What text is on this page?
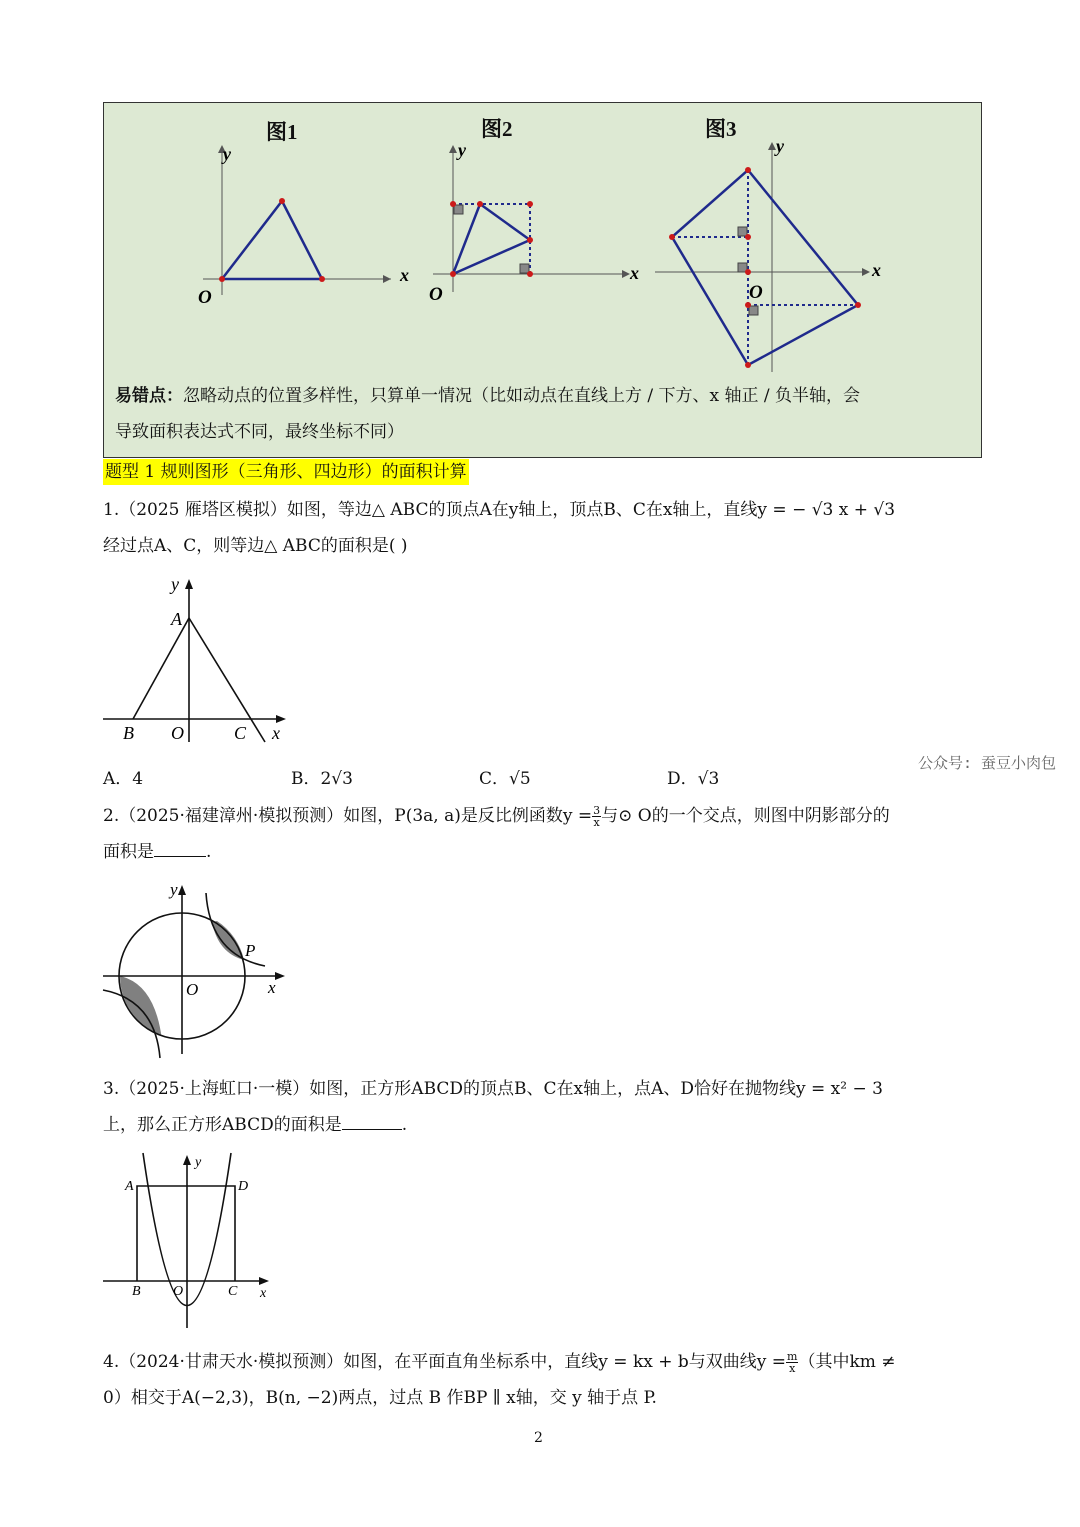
图1	图2	图3
y
x
O
y
x
O
y
x
O
易错点：忽略动点的位置多样性，只算单一情况（比如动点在直线上方 / 下方、x 轴正 / 负半轴，会
导致面积表达式不同，最终坐标不同）
题型 1 规则图形（三角形、四边形）的面积计算
1.（2025 雁塔区模拟）如图，等边△ ABC的顶点A在y轴上，顶点B、C在x轴上，直线y = − √3 x + √3
经过点A、C，则等边△ ABC的面积是( )
y
A
B O	C x
A．4	B．2√3	C．√5	D．√3
公众号: 蚕豆小肉包
2.（2025·福建漳州·模拟预测）如图，P(3a, a)是反比例函数$y = \frac{3}{x}$ 与⊙ O的一个交点，则图中阴影部分的
面积是	.
y
P
O	x
3.（2025·上海虹口·一模）如图，正方形ABCD的顶点B、C在x轴上，点A、D恰好在抛物线y = x² − 3
上，那么正方形ABCD的面积是	.
y
A	D
B O	C x
4.（2024·甘肃天水·模拟预测）如图，在平面直角坐标系中，直线y = kx + b与双曲线$y = \frac{m}{x}$ （其中km ≠
0）相交于A(−2,3)，B(n, −2)两点，过点 B 作BP ∥ x轴，交 y 轴于点 P.
2
